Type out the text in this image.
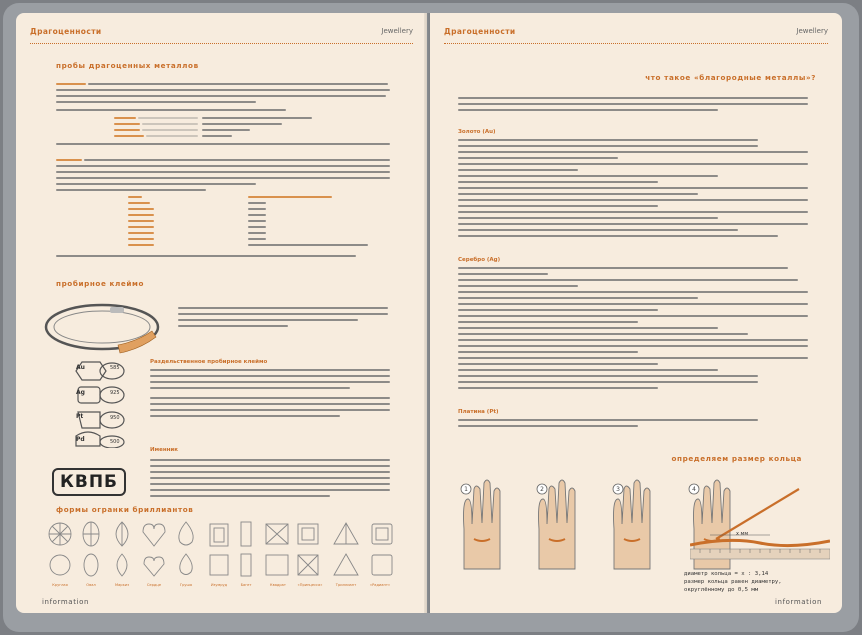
Драгоценности	Jewellery
пробы драгоценных металлов
пробирное клеймо
Au	585
Ag	925
Pt	950
Pd	500
Раздельственное пробирное клеймо
Именник
КВПБ
формы огранки бриллиантов
Круглая	Овал	Маркиз	Сердце	Груша	Изумруд	Багет	Квадрат	«Принцесса»	Триллиант	«Радиант»
information
Драгоценности	Jewellery
что такое «благородные металлы»?
Золото (Au)
Серебро (Ag)
Платина (Pt)
определяем размер кольца
1	2	3	4
x мм
диаметр кольца = x : 3,14
размер кольца равен диаметру,
округлённому до 0,5 мм
information
